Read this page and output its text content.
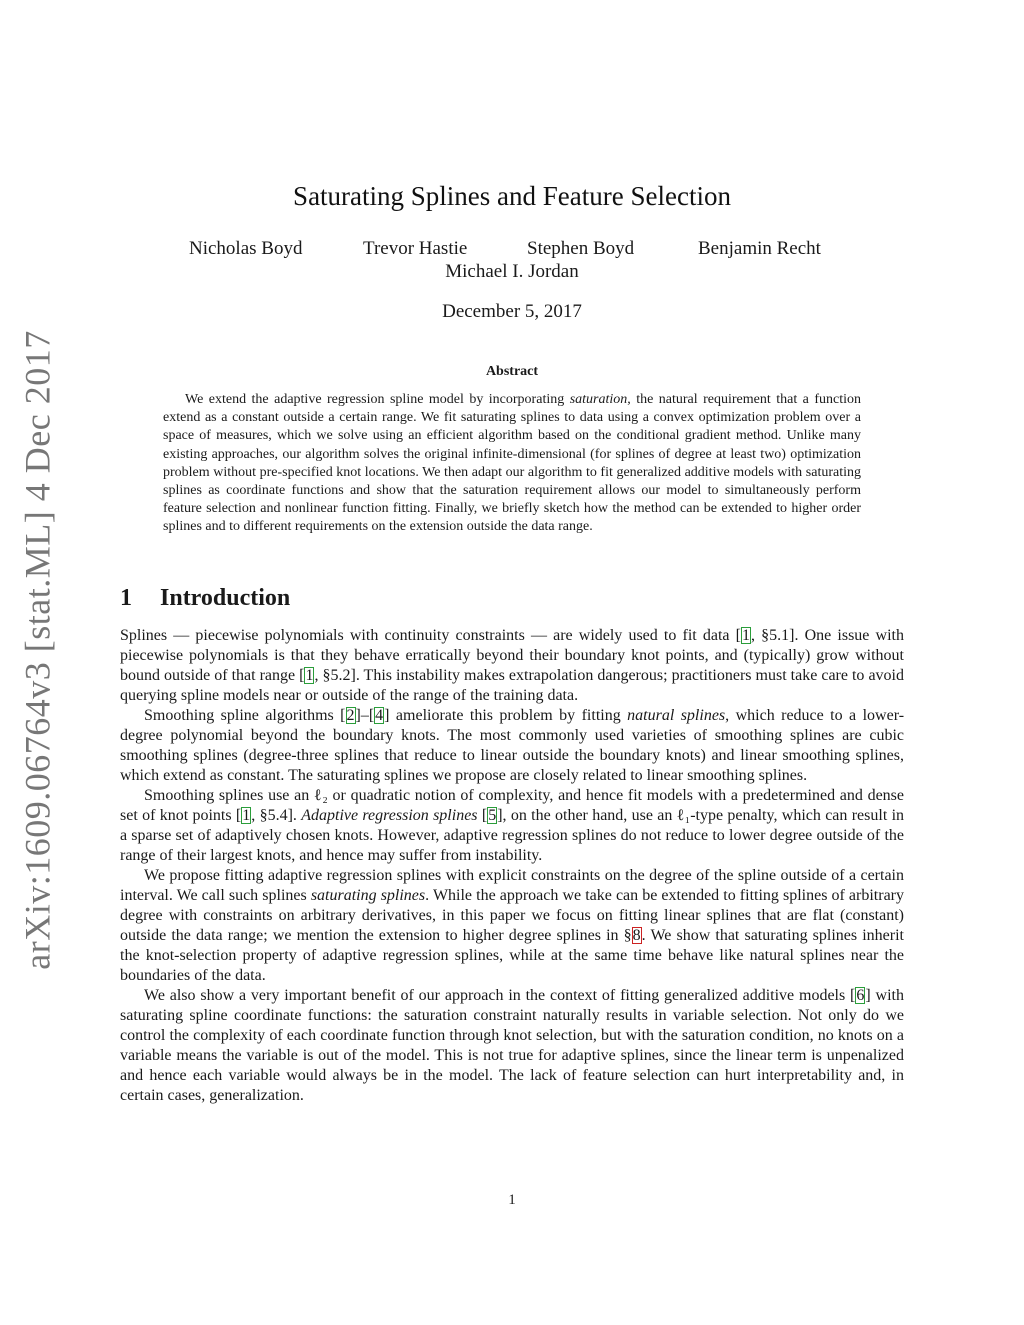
arXiv:1609.06764v3 [stat.ML] 4 Dec 2017
Saturating Splines and Feature Selection
Nicholas Boyd	Trevor Hastie	Stephen Boyd	Benjamin Recht
Michael I. Jordan
December 5, 2017
Abstract

We extend the adaptive regression spline model by incorporating saturation, the natural requirement that a function extend as a constant outside a certain range. We fit saturating splines to data using a convex optimization problem over a space of measures, which we solve using an efficient algorithm based on the conditional gradient method. Unlike many existing approaches, our algorithm solves the original infinite-dimensional (for splines of degree at least two) optimization problem without pre-specified knot locations. We then adapt our algorithm to fit generalized additive models with saturating splines as coordinate functions and show that the saturation requirement allows our model to simultaneously perform feature selection and nonlinear function fitting. Finally, we briefly sketch how the method can be extended to higher order splines and to different requirements on the extension outside the data range.

1 Introduction

Splines — piecewise polynomials with continuity constraints — are widely used to fit data [1, §5.1]. One issue with piecewise polynomials is that they behave erratically beyond their boundary knot points, and (typically) grow without bound outside of that range [1, §5.2]. This instability makes extrapolation dangerous; practitioners must take care to avoid querying spline models near or outside of the range of the training data.

Smoothing spline algorithms [2]–[4] ameliorate this problem by fitting natural splines, which reduce to a lower-degree polynomial beyond the boundary knots. The most commonly used varieties of smoothing splines are cubic smoothing splines (degree-three splines that reduce to linear outside the boundary knots) and linear smoothing splines, which extend as constant. The saturating splines we propose are closely related to linear smoothing splines.

Smoothing splines use an ℓ₂ or quadratic notion of complexity, and hence fit models with a predetermined and dense set of knot points [1, §5.4]. Adaptive regression splines [5], on the other hand, use an ℓ₁-type penalty, which can result in a sparse set of adaptively chosen knots. However, adaptive regression splines do not reduce to lower degree outside of the range of their largest knots, and hence may suffer from instability.

We propose fitting adaptive regression splines with explicit constraints on the degree of the spline outside of a certain interval. We call such splines saturating splines. While the approach we take can be extended to fitting splines of arbitrary degree with constraints on arbitrary derivatives, in this paper we focus on fitting linear splines that are flat (constant) outside the data range; we mention the extension to higher degree splines in §8. We show that saturating splines inherit the knot-selection property of adaptive regression splines, while at the same time behave like natural splines near the boundaries of the data.

We also show a very important benefit of our approach in the context of fitting generalized additive models [6] with saturating spline coordinate functions: the saturation constraint naturally results in variable selection. Not only do we control the complexity of each coordinate function through knot selection, but with the saturation condition, no knots on a variable means the variable is out of the model. This is not true for adaptive splines, since the linear term is unpenalized and hence each variable would always be in the model. The lack of feature selection can hurt interpretability and, in certain cases, generalization.

1
